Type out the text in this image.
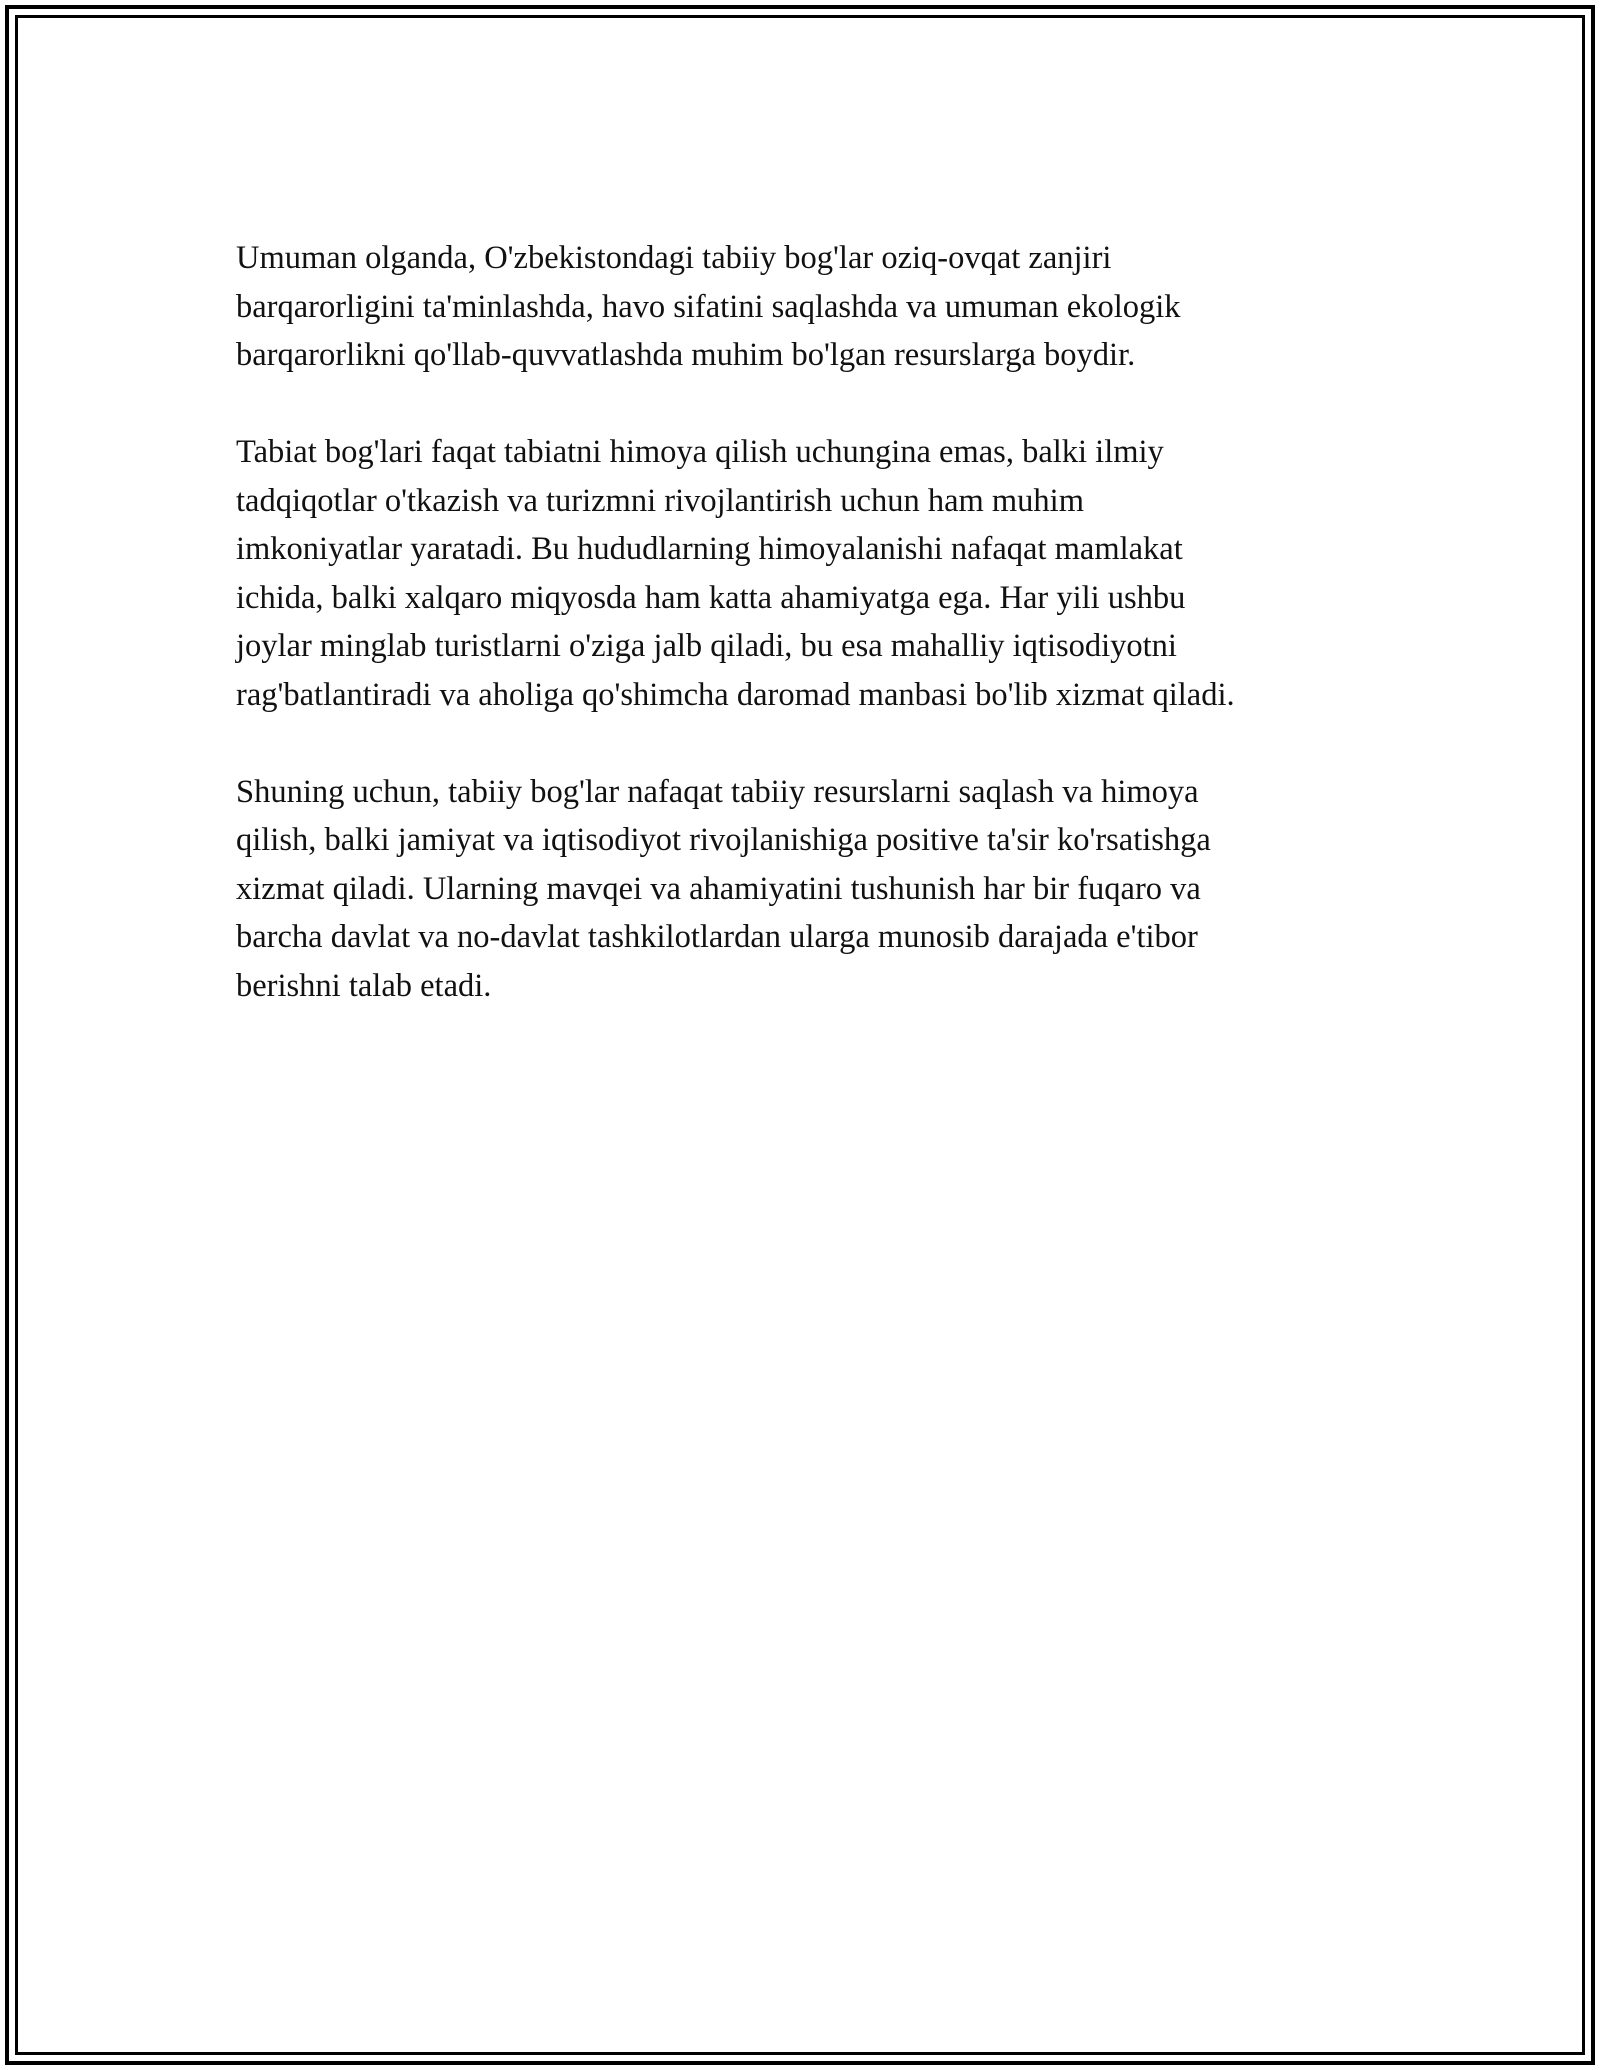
Umuman olganda, O'zbekistondagi tabiiy bog'lar oziq-ovqat zanjiri
barqarorligini ta'minlashda, havo sifatini saqlashda va umuman ekologik
barqarorlikni qo'llab-quvvatlashda muhim bo'lgan resurslarga boydir.

Tabiat bog'lari faqat tabiatni himoya qilish uchungina emas, balki ilmiy
tadqiqotlar o'tkazish va turizmni rivojlantirish uchun ham muhim
imkoniyatlar yaratadi. Bu hududlarning himoyalanishi nafaqat mamlakat
ichida, balki xalqaro miqyosda ham katta ahamiyatga ega. Har yili ushbu
joylar minglab turistlarni o'ziga jalb qiladi, bu esa mahalliy iqtisodiyotni
rag'batlantiradi va aholiga qo'shimcha daromad manbasi bo'lib xizmat qiladi.

Shuning uchun, tabiiy bog'lar nafaqat tabiiy resurslarni saqlash va himoya
qilish, balki jamiyat va iqtisodiyot rivojlanishiga positive ta'sir ko'rsatishga
xizmat qiladi. Ularning mavqei va ahamiyatini tushunish har bir fuqaro va
barcha davlat va no-davlat tashkilotlardan ularga munosib darajada e'tibor
berishni talab etadi.
